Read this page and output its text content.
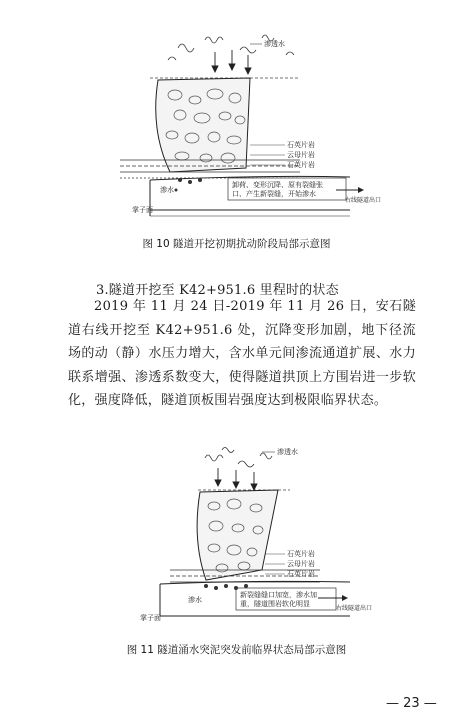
渗透水
石英片岩
云母片岩
石英片岩
渗水
卸荷、变形沉降、原有裂缝张
口、产生新裂缝，开始渗水
右线隧道出口
掌子面
图 10 隧道开挖初期扰动阶段局部示意图
3.隧道开挖至 K42+951.6 里程时的状态
2019 年 11 月 24 日-2019 年 11 月 26 日，安石隧道右线开挖至 K42+951.6 处，沉降变形加剧，地下径流场的动（静）水压力增大，含水单元间渗流通道扩展、水力联系增强、渗透系数变大，使得隧道拱顶上方围岩进一步软化，强度降低，隧道顶板围岩强度达到极限临界状态。
渗透水
石英片岩
云母片岩
石英片岩
渗水
新裂缝缝口加宽，渗水加
重，隧道围岩软化明显
右线隧道出口
掌子面
图 11 隧道涌水突泥突发前临界状态局部示意图
— 23 —
